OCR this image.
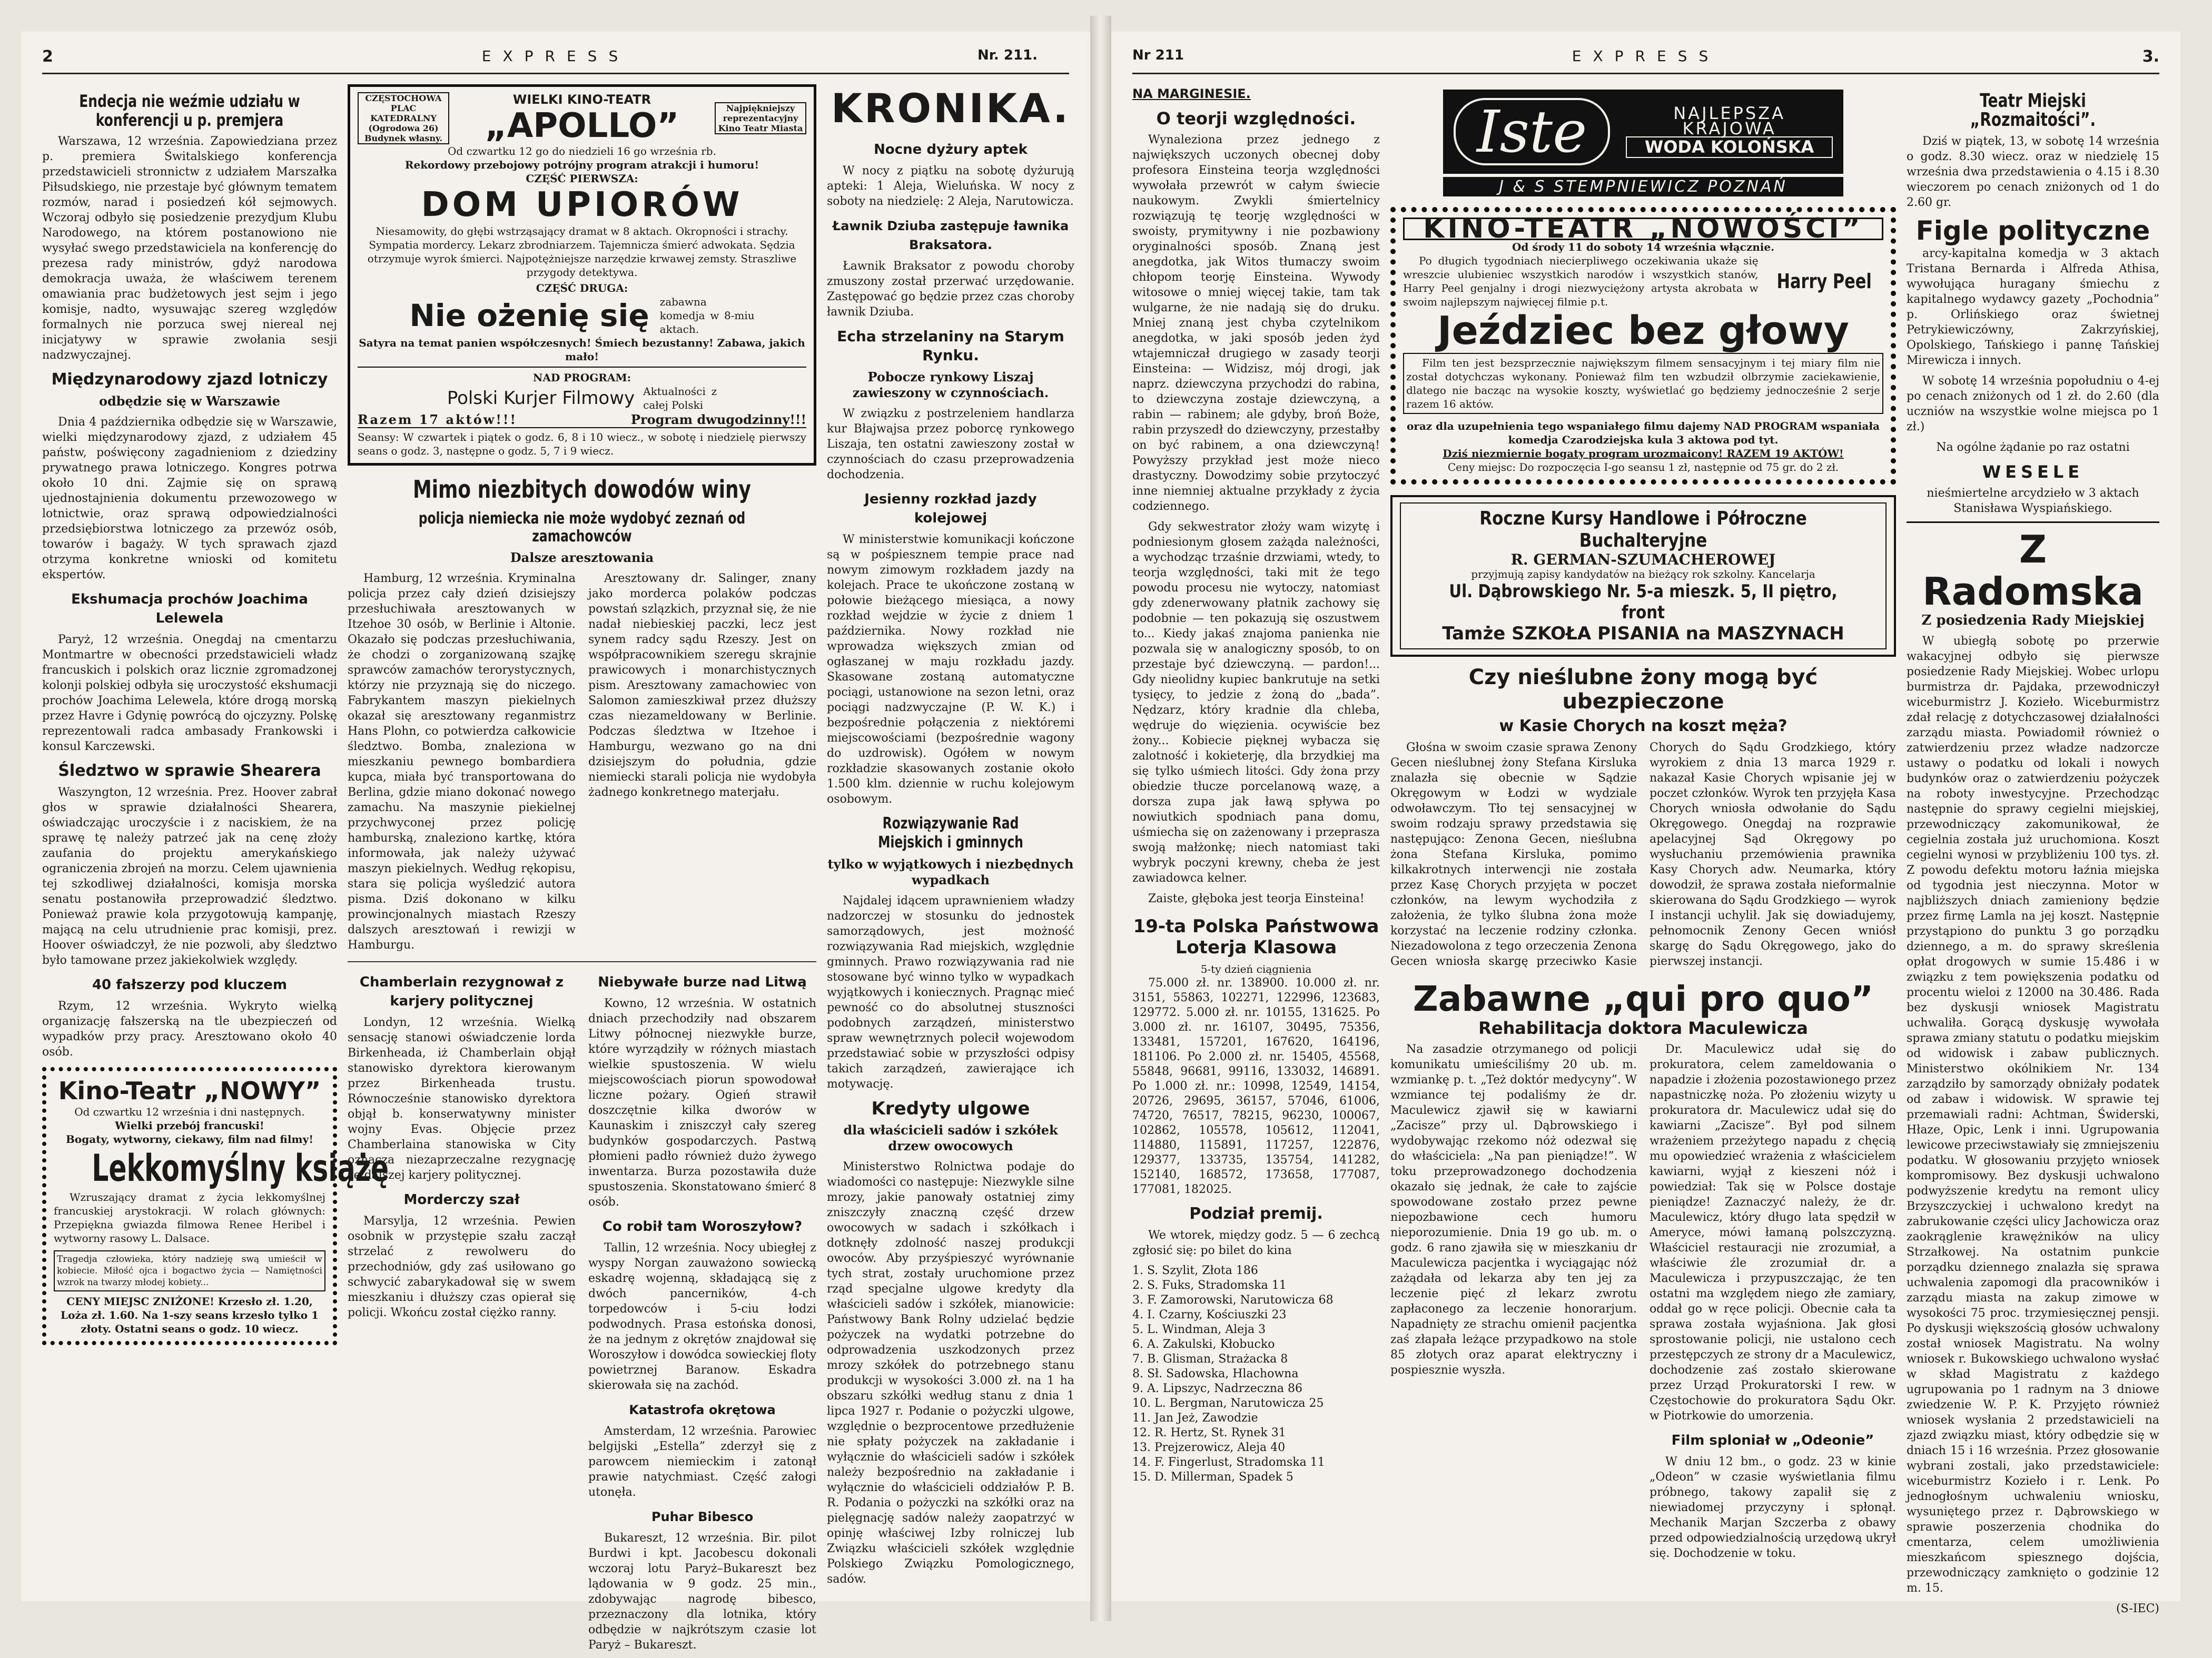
2	EXPRESS	Nr. 211.
Endecja nie weźmie udziału w konferencji u p. premjera

Warszawa, 12 września. Zapowiedziana przez p. premiera Świtalskiego konferencja przedstawicieli stronnictw z udziałem Marszałka Piłsudskiego, nie przestaje być głównym tematem rozmów, narad i posiedzeń kół sejmowych. Wczoraj odbyło się posiedzenie prezydjum Klubu Narodowego, na którem postanowiono nie wysyłać swego przedstawiciela na konferencję do prezesa rady ministrów, gdyż narodowa demokracja uważa, że właściwem terenem omawiania prac budżetowych jest sejm i jego komisje, nadto, wysuwając szereg względów formalnych nie porzuca swej niereal nej inicjatywy w sprawie zwołania sesji nadzwyczajnej.

Międzynarodowy zjazd lotniczy
odbędzie się w Warszawie

Dnia 4 października odbędzie się w Warszawie, wielki międzynarodowy zjazd, z udziałem 45 państw, poświęcony zagadnieniom z dziedziny prywatnego prawa lotniczego. Kongres potrwa około 10 dni. Zajmie się on sprawą ujednostajnienia dokumentu przewozowego w lotnictwie, oraz sprawą odpowiedzialności przedsiębiorstwa lotniczego za przewóz osób, towarów i bagaży. W tych sprawach zjazd otrzyma konkretne wnioski od komitetu ekspertów.

Ekshumacja prochów Joachima Lelewela

Paryż, 12 września. Onegdaj na cmentarzu Montmartre w obecności przedstawicieli władz francuskich i polskich oraz licznie zgromadzonej kolonji polskiej odbyła się uroczystość ekshumacji prochów Joachima Lelewela, które drogą morską przez Havre i Gdynię powrócą do ojczyzny. Polskę reprezentowali radca ambasady Frankowski i konsul Karczewski.

Śledztwo w sprawie Shearera

Waszyngton, 12 września. Prez. Hoover zabrał głos w sprawie działalności Shearera, oświadczając uroczyście i z naciskiem, że na sprawę tę należy patrzeć jak na cenę złoży zaufania do projektu amerykańskiego ograniczenia zbrojeń na morzu. Celem ujawnienia tej szkodliwej działalności, komisja morska senatu postanowiła przeprowadzić śledztwo. Ponieważ prawie kola przygotowują kampanję, mającą na celu utrudnienie prac komisji, prez. Hoover oświadczył, że nie pozwoli, aby śledztwo było tamowane przez jakiekolwiek względy.

40 fałszerzy pod kluczem

Rzym, 12 września. Wykryto wielką organizację fałszerską na tle ubezpieczeń od wypadków przy pracy. Aresztowano około 40 osób.

Kino-Teatr „NOWY”
Od czwartku 12 września i dni następnych.
Wielki przebój francuski!
Bogaty, wytworny, ciekawy, film nad filmy!
Lekkomyślny książę

Wzruszający dramat z życia lekkomyślnej francuskiej arystokracji. W rolach głównych: Przepiękna gwiazda filmowa Renee Heribel i wytworny rasowy L. Dalsace.

Tragedja człowieka, który nadzieję swą umieścił w kobiecie. Miłość ojca i bogactwo życia — Namiętności wzrok na twarzy młodej kobiety...
CENY MIEJSC ZNIŻONE! Krzesło zł. 1.20, Loża zł. 1.60. Na 1-szy seans krzesło tylko 1 złoty. Ostatni seans o godz. 10 wiecz.
CZĘSTOCHOWA PLAC KATEDRALNY (Ogrodowa 26) Budynek własny.
WIELKI KINO-TEATR
„APOLLO”	Najpiękniejszy reprezentacyjny Kino Teatr Miasta
Od czwartku 12 go do niedzieli 16 go września rb.
Rekordowy przebojowy potrójny program atrakcji i humoru!
CZĘŚĆ PIERWSZA:
DOM UPIORÓW
Niesamowity, do głębi wstrząsający dramat w 8 aktach. Okropności i strachy. Sympatia mordercy. Lekarz zbrodniarzem. Tajemnicza śmierć adwokata. Sędzia otrzymuje wyrok śmierci. Najpotężniejsze narzędzie krwawej zemsty. Straszliwe przygody detektywa.
CZĘŚĆ DRUGA:
Nie ożenię się zabawna komedja w 8-miu aktach.
Satyra na temat panien współczesnych! Śmiech bezustanny! Zabawa, jakich mało!
NAD PROGRAM:
Polski Kurjer Filmowy Aktualności z całej Polski
Razem 17 aktów!!!	Program dwugodzinny!!!
Seansy: W czwartek i piątek o godz. 6, 8 i 10 wiecz., w sobotę i niedzielę pierwszy seans o godz. 3, następne o godz. 5, 7 i 9 wiecz.
Mimo niezbitych dowodów winy
policja niemiecka nie może wydobyć zeznań od zamachowców
Dalsze aresztowania

Hamburg, 12 września. Kryminalna policja przez cały dzień dzisiejszy przesłuchiwała aresztowanych w Itzehoe 30 osób, w Berlinie i Altonie. Okazało się podczas przesłuchiwania, że chodzi o zorganizowaną szajkę sprawców zamachów terorystycznych, którzy nie przyznają się do niczego. Fabrykantem maszyn piekielnych okazał się aresztowany reganmistrz Hans Plohn, co potwierdza całkowicie śledztwo. Bomba, znaleziona w mieszkaniu pewnego bombardiera kupca, miała być transportowana do Berlina, gdzie miano dokonać nowego zamachu. Na maszynie piekielnej przychwyconej przez policję hamburską, znaleziono kartkę, która informowała, jak należy używać maszyn piekielnych. Według rękopisu, stara się policja wyśledzić autora pisma. Dziś dokonano w kilku prowincjonalnych miastach Rzeszy dalszych aresztowań i rewizji w Hamburgu.

Aresztowany dr. Salinger, znany jako morderca polaków podczas powstań szlązkich, przyznał się, że nie nadał niebieskiej paczki, lecz jest synem radcy sądu Rzeszy. Jest on współpracownikiem szeregu skrajnie prawicowych i monarchistycznych pism. Aresztowany zamachowiec von Salomon zamieszkiwał przez dłuższy czas niezameldowany w Berlinie. Podczas śledztwa w Itzehoe i Hamburgu, wezwano go na dni dzisiejszym do południa, gdzie niemiecki starali policja nie wydobyła żadnego konkretnego materjału.

Chamberlain rezygnował z karjery politycznej

Londyn, 12 września. Wielką sensację stanowi oświadczenie lorda Birkenheada, iż Chamberlain objął stanowisko dyrektora kierowanym przez Birkenheada trustu. Równocześnie stanowisko dyrektora objął b. konserwatywny minister wojny Evas. Objęcie przez Chamberlaina stanowiska w City oznacza niezaprzeczalne rezygnację ze dalszej karjery politycznej.

Morderczy szał

Marsylja, 12 września. Pewien osobnik w przystępie szału zaczął strzelać z rewolweru do przechodniów, gdy zaś usiłowano go schwycić zabarykadował się w swem mieszkaniu i dłuższy czas opierał się policji. Wkońcu został ciężko ranny.

Niebywałe burze nad Litwą

Kowno, 12 września. W ostatnich dniach przechodziły nad obszarem Litwy północnej niezwykłe burze, które wyrządziły w różnych miastach wielkie spustoszenia. W wielu miejscowościach piorun spowodował liczne pożary. Ogień strawił doszczętnie kilka dworów w Kaunaskim i zniszczył cały szereg budynków gospodarczych. Pastwą płomieni padło również dużo żywego inwentarza. Burza pozostawiła duże spustoszenia. Skonstatowano śmierć 8 osób.

Co robił tam Woroszyłow?

Tallin, 12 września. Nocy ubiegłej z wyspy Norgan zauważono sowiecką eskadrę wojenną, składającą się z dwóch pancerników, 4-ch torpedowców i 5-ciu łodzi podwodnych. Prasa estońska donosi, że na jednym z okrętów znajdował się Woroszyłow i dowódca sowieckiej floty powietrznej Baranow. Eskadra skierowała się na zachód.

Katastrofa okrętowa

Amsterdam, 12 września. Parowiec belgijski „Estella” zderzył się z parowcem niemieckim i zatonął prawie natychmiast. Część załogi utonęła.

Puhar Bibesco

Bukareszt, 12 września. Bir. pilot Burdwi i kpt. Jacobescu dokonali wczoraj lotu Paryż–Bukareszt bez lądowania w 9 godz. 25 min., zdobywając nagrodę bibesco, przeznaczony dla lotnika, który odbędzie w najkrótszym czasie lot Paryż – Bukareszt.

KRONIKA.
Nocne dyżury aptek

W nocy z piątku na sobotę dyżurują apteki: 1 Aleja, Wieluńska. W nocy z soboty na niedzielę: 2 Aleja, Narutowicza.

Ławnik Dziuba zastępuje ławnika Braksatora.

Ławnik Braksator z powodu choroby zmuszony został przerwać urzędowanie. Zastępować go będzie przez czas choroby ławnik Dziuba.

Echa strzelaniny na Starym Rynku.
Pobocze rynkowy Liszaj zawieszony w czynnościach.

W związku z postrzeleniem handlarza kur Błajwajsa przez poborcę rynkowego Liszaja, ten ostatni zawieszony został w czynnościach do czasu przeprowadzenia dochodzenia.

Jesienny rozkład jazdy kolejowej

W ministerstwie komunikacji kończone są w pośpiesznem tempie prace nad nowym zimowym rozkładem jazdy na kolejach. Prace te ukończone zostaną w połowie bieżącego miesiąca, a nowy rozkład wejdzie w życie z dniem 1 października. Nowy rozkład nie wprowadza większych zmian od ogłaszanej w maju rozkładu jazdy. Skasowane zostaną automatyczne pociągi, ustanowione na sezon letni, oraz pociągi nadzwyczajne (P. W. K.) i bezpośrednie połączenia z niektóremi miejscowościami (bezpośrednie wagony do uzdrowisk). Ogółem w nowym rozkładzie skasowanych zostanie około 1.500 klm. dziennie w ruchu kolejowym osobowym.

Rozwiązywanie Rad Miejskich i gminnych
tylko w wyjątkowych i niezbędnych wypadkach

Najdalej idącem uprawnieniem władzy nadzorczej w stosunku do jednostek samorządowych, jest możność rozwiązywania Rad miejskich, względnie gminnych. Prawo rozwiązywania rad nie stosowane być winno tylko w wypadkach wyjątkowych i koniecznych. Pragnąc mieć pewność co do absolutnej stuszności podobnych zarządzeń, ministerstwo spraw wewnętrznych polecił wojewodom przedstawiać sobie w przyszłości odpisy takich zarządzeń, zawierające ich motywację.

Kredyty ulgowe
dla właścicieli sadów i szkółek drzew owocowych

Ministerstwo Rolnictwa podaje do wiadomości co następuje: Niezwykle silne mrozy, jakie panowały ostatniej zimy zniszczyły znaczną część drzew owocowych w sadach i szkółkach i dotknęły zdolność naszej produkcji owoców. Aby przyśpieszyć wyrównanie tych strat, zostały uruchomione przez rząd specjalne ulgowe kredyty dla właścicieli sadów i szkółek, mianowicie: Państwowy Bank Rolny udzielać będzie pożyczek na wydatki potrzebne do odprowadzenia uszkodzonych przez mrozy szkółek do potrzebnego stanu produkcji w wysokości 3.000 zł. na 1 ha obszaru szkółki według stanu z dnia 1 lipca 1927 r. Podanie o pożyczki ulgowe, względnie o bezprocentowe przedłużenie nie spłaty pożyczek na zakładanie i wyłącznie do właścicieli sadów i szkółek należy bezpośrednio na zakładanie i wyłącznie do właścicieli oddziałów P. B. R. Podania o pożyczki na szkółki oraz na pielęgnację sadów należy zaopatrzyć w opinję właściwej Izby rolniczej lub Związku właścicieli szkółek względnie Polskiego Związku Pomologicznego, sadów.

Nr 211	EXPRESS	3.
NA MARGINESIE.
O teorji względności.

Wynaleziona przez jednego z największych uczonych obecnej doby profesora Einsteina teorja względności wywołała przewrót w całym świecie naukowym. Zwykli śmiertelnicy rozwiązują tę teorję względności w swoisty, prymitywny i nie pozbawiony oryginalności sposób. Znaną jest anegdotka, jak Witos tłumaczy swoim chłopom teorję Einsteina. Wywody witosowe o mniej więcej takie, tam tak wulgarne, że nie nadają się do druku. Mniej znaną jest chyba czytelnikom anegdotka, w jaki sposób jeden żyd wtajemniczał drugiego w zasady teorji Einsteina: — Widzisz, mój drogi, jak naprz. dziewczyna przychodzi do rabina, to dziewczyna zostaje dziewczyną, a rabin — rabinem; ale gdyby, broń Boże, rabin przyszedł do dziewczyny, przestałby on być rabinem, a ona dziewczyną! Powyższy przykład jest może nieco drastyczny. Dowodzimy sobie przytoczyć inne niemniej aktualne przykłady z życia codziennego.

Gdy sekwestrator złoży wam wizytę i podniesionym głosem zażąda należności, a wychodząc trzaśnie drzwiami, wtedy, to teorja względności, taki mit że tego powodu procesu nie wytoczy, natomiast gdy zdenerwowany płatnik zachowy się podobnie — ten pokazują się oszustwem to... Kiedy jakaś znajoma panienka nie pozwala się w analogiczny sposób, to on przestaje być dziewczyną. — pardon!... Gdy nieolidny kupiec bankrutuje na setki tysięcy, to jedzie z żoną do „bada”. Nędzarz, który kradnie dla chleba, wędruje do więzienia. ocywiście bez żony... Kobiecie pięknej wybacza się zalotność i kokieterję, dla brzydkiej ma się tylko uśmiech litości. Gdy żona przy obiedzie tłucze porcelanową wazę, a dorsza zupa jak ławą spływa po nowiutkich spodniach pana domu, uśmiecha się on zażenowany i przeprasza swoją małżonkę; niech natomiast taki wybryk poczyni krewny, cheba że jest zawiadowca kelner.

Zaiste, głęboka jest teorja Einsteina!

19-ta Polska Państwowa Loterja Klasowa
5-ty dzień ciągnienia

75.000 zł. nr. 138900. 10.000 zł. nr. 3151, 55863, 102271, 122996, 123683, 129772. 5.000 zł. nr. 10155, 131625. Po 3.000 zł. nr. 16107, 30495, 75356, 133481, 157201, 167620, 164196, 181106. Po 2.000 zł. nr. 15405, 45568, 55848, 96681, 99116, 133032, 146891. Po 1.000 zł. nr.: 10998, 12549, 14154, 20726, 29695, 36157, 57046, 61006, 74720, 76517, 78215, 96230, 100067, 102862, 105578, 105612, 112041, 114880, 115891, 117257, 122876, 129377, 133735, 135754, 141282, 152140, 168572, 173658, 177087, 177081, 182025.

Podział premij.

We wtorek, między godz. 5 — 6 zechcą zgłosić się: po bilet do kina

1. S. Szylit, Złota 186
2. S. Fuks, Stradomska 11
3. F. Zamorowski, Narutowicza 68
4. I. Czarny, Kościuszki 23
5. L. Windman, Aleja 3
6. A. Zakulski, Kłobucko
7. B. Glisman, Strażacka 8
8. Sł. Sadowska, Hlachowna
9. A. Lipszyc, Nadrzeczna 86
10. L. Bergman, Narutowicza 25
11. Jan Jeż, Zawodzie
12. R. Hertz, St. Rynek 31
13. Prejzerowicz, Aleja 40
14. F. Fingerlust, Stradomska 11
15. D. Millerman, Spadek 5
Iste	NAJLEPSZA KRAJOWA
WODA KOLOŃSKA
J & S STEMPNIEWICZ POZNAŃ
KINO-TEATR „NOWOŚCI”
Od środy 11 do soboty 14 września włącznie.

Po długich tygodniach niecierpliwego oczekiwania ukaże się wreszcie ulubieniec wszystkich narodów i wszystkich stanów, Harry Peel genjalny i drogi niezwyciężony artysta akrobata w swoim najlepszym najwięcej filmie p.t.

Harry Peel
Jeździec bez głowy

Film ten jest bezsprzecznie największym filmem sensacyjnym i tej miary film nie został dotychczas wykonany. Ponieważ film ten wzbudził olbrzymie zaciekawienie, dlatego nie bacząc na wysokie koszty, wyświetlać go będziemy jednocześnie 2 serje razem 16 aktów.

oraz dla uzupełnienia tego wspaniałego filmu dajemy NAD PROGRAM wspaniała komedja Czarodziejska kula 3 aktowa pod tyt.
Dziś niezmiernie bogaty program urozmaicony! RAZEM 19 AKTÓW!
Ceny miejsc: Do rozpoczęcia I-go seansu 1 zł, następnie od 75 gr. do 2 zł.
Roczne Kursy Handlowe i Półroczne Buchalteryjne
R. GERMAN-SZUMACHEROWEJ
przyjmują zapisy kandydatów na bieżący rok szkolny. Kancelarja
Ul. Dąbrowskiego Nr. 5-a mieszk. 5, II piętro, front
Tamże SZKOŁA PISANIA na MASZYNACH
Czy nieślubne żony mogą być ubezpieczone
w Kasie Chorych na koszt męża?

Głośna w swoim czasie sprawa Zenony Gecen nieślubnej żony Stefana Kirsluka znalazła się obecnie w Sądzie Okręgowym w Łodzi w wydziale odwoławczym. Tło tej sensacyjnej w swoim rodzaju sprawy przedstawia się następująco: Zenona Gecen, nieślubna żona Stefana Kirsluka, pomimo kilkakrotnych interwencji nie została przez Kasę Chorych przyjęta w poczet członków, na lewym wychodziła z założenia, że tylko ślubna żona może korzystać na leczenie rodziny członka. Niezadowolona z tego orzeczenia Zenona Gecen wniosła skargę przeciwko Kasie Chorych do Sądu Grodzkiego, który wyrokiem z dnia 13 marca 1929 r. nakazał Kasie Chorych wpisanie jej w poczet członków. Wyrok ten przyjęła Kasa Chorych wniosła odwołanie do Sądu Okręgowego. Onegdaj na rozprawie apelacyjnej Sąd Okręgowy po wysłuchaniu przemówienia prawnika Kasy Chorych adw. Neumarka, który dowodził, że sprawa została nieformalnie skierowana do Sądu Grodzkiego — wyrok I instancji uchylił. Jak się dowiadujemy, pełnomocnik Zenony Gecen wniósł skargę do Sądu Okręgowego, jako do pierwszej instancji.

Zabawne „qui pro quo”
Rehabilitacja doktora Maculewicza

Na zasadzie otrzymanego od policji komunikatu umieściliśmy 20 ub. m. wzmiankę p. t. „Też doktór medycyny”. W wzmiance tej podaliśmy że dr. Maculewicz zjawił się w kawiarni „Zacisze” przy ul. Dąbrowskiego i wydobywając rzekomo nóż odezwał się do właściciela: „Na pan pieniądze!”. W toku przeprowadzonego dochodzenia okazało się jednak, że całe to zajście spowodowane zostało przez pewne niepozbawione cech humoru nieporozumienie. Dnia 19 go ub. m. o godz. 6 rano zjawiła się w mieszkaniu dr Maculewicza pacjentka i wyciągając nóż zażądała od lekarza aby ten jej za leczenie pięć zł lekarz zwrotu zapłaconego za leczenie honorarjum. Napadnięty ze strachu omienił pacjentka zaś złapała leżące przypadkowo na stole 85 złotych oraz aparat elektryczny i pospiesznie wyszła.

Dr. Maculewicz udał się do prokuratora, celem zameldowania o napadzie i złożenia pozostawionego przez napastniczkę noża. Po złożeniu wizyty u prokuratora dr. Maculewicz udał się do kawiarni „Zacisze”. Był pod silnem wrażeniem przeżytego napadu z chęcią mu opowiedzieć wrażenia z właścicielem kawiarni, wyjął z kieszeni nóż i powiedział: Tak się w Polsce dostaje pieniądze! Zaznaczyć należy, że dr. Maculewicz, który długo lata spędził w Ameryce, mówi łamaną polszczyzną. Właściciel restauracji nie zrozumiał, a właściwie źle zrozumiał dr. a Maculewicza i przypuszczając, że ten ostatni ma względem niego złe zamiary, oddał go w ręce policji. Obecnie cała ta sprawa została wyjaśniona. Jak głosi sprostowanie policji, nie ustalono cech przestępczych ze strony dr a Maculewicz, dochodzenie zaś zostało skierowane przez Urząd Prokuratorski I rew. w Częstochowie do prokuratora Sądu Okr. w Piotrkowie do umorzenia.

Film sploniał w „Odeonie”

W dniu 12 bm., o godz. 23 w kinie „Odeon” w czasie wyświetlania filmu próbnego, takowy zapalił się z niewiadomej przyczyny i spłonął. Mechanik Marjan Szczerba z obawy przed odpowiedzialnością urzędową ukrył się. Dochodzenie w toku.

Teatr Miejski „Rozmaitości”.

Dziś w piątek, 13, w sobotę 14 września o godz. 8.30 wiecz. oraz w niedzielę 15 września dwa przedstawienia o 4.15 i 8.30 wieczorem po cenach zniżonych od 1 do 2.60 gr.

Figle polityczne

arcy-kapitalna komedja w 3 aktach Tristana Bernarda i Alfreda Athisa, wywołująca huragany śmiechu z kapitalnego wydawcy gazety „Pochodnia” p. Orlińskiego oraz świetnej Petrykiewiczówny, Zakrzyńskiej, Opolskiego, Tańskiego i pannę Tańskiej Mirewicza i innych.

W sobotę 14 września popołudniu o 4-ej po cenach zniżonych od 1 zł. do 2.60 (dla uczniów na wszystkie wolne miejsca po 1 zł.)

Na ogólne żądanie po raz ostatni

WESELE

nieśmiertelne arcydzieło w 3 aktach Stanisława Wyspiańskiego.

Z Radomska
Z posiedzenia Rady Miejskiej

W ubiegłą sobotę po przerwie wakacyjnej odbyło się pierwsze posiedzenie Rady Miejskiej. Wobec urlopu burmistrza dr. Pajdaka, przewodniczył wiceburmistrz J. Kozieło. Wiceburmistrz zdał relację z dotychczasowej działalności zarządu miasta. Powiadomił również o zatwierdzeniu przez władze nadzorcze ustawy o podatku od lokali i nowych budynków oraz o zatwierdzeniu pożyczek na roboty inwestycyjne. Przechodząc następnie do sprawy cegielni miejskiej, przewodniczący zakomunikował, że cegielnia została już uruchomiona. Koszt cegielni wynosi w przybliżeniu 100 tys. zł. Z powodu defektu motoru łaźnia miejska od tygodnia jest nieczynna. Motor w najbliższych dniach zamieniony będzie przez firmę Lamla na jej koszt. Następnie przystąpiono do punktu 3 go porządku dziennego, a m. do sprawy skreślenia opłat drogowych w sumie 15.486 i w związku z tem powiększenia podatku od procentu wieloi z 12000 na 30.486. Rada bez dyskusji wniosek Magistratu uchwaliła. Gorącą dyskusję wywołała sprawa zmiany statutu o podatku miejskim od widowisk i zabaw publicznych. Ministerstwo okólnikiem Nr. 134 zarządziło by samorządy obniżały podatek od zabaw i widowisk. W sprawie tej przemawiali radni: Achtman, Świderski, Hłaze, Opic, Lenk i inni. Ugrupowania lewicowe przeciwstawiały się zmniejszeniu podatku. W głosowaniu przyjęto wniosek kompromisowy. Bez dyskusji uchwalono podwyższenie kredytu na remont ulicy Brzyszczyckiej i uchwalono kredyt na zabrukowanie części ulicy Jachowicza oraz zaokrąglenie krawężników na ulicy Strzałkowej. Na ostatnim punkcie porządku dziennego znalazła się sprawa uchwalenia zapomogi dla pracowników i zarządu miasta na zakup zimowe w wysokości 75 proc. trzymiesięcznej pensji. Po dyskusji większością głosów uchwalony został wniosek Magistratu. Na wolny wniosek r. Bukowskiego uchwalono wysłać w skład Magistratu z każdego ugrupowania po 1 radnym na 3 dniowe zwiedzenie W. P. K. Przyjęto również wniosek wysłania 2 przedstawicieli na zjazd związku miast, który odbędzie się w dniach 15 i 16 września. Przez głosowanie wybrani zostali, jako przedstawiciele: wiceburmistrz Kozieło i r. Lenk. Po jednogłośnym uchwaleniu wniosku, wysuniętego przez r. Dąbrowskiego w sprawie poszerzenia chodnika do cmentarza, celem umożliwienia mieszkańcom spiesznego dojścia, przewodniczący zamknięto o godzinie 12 m. 15.

(S-IEC)
